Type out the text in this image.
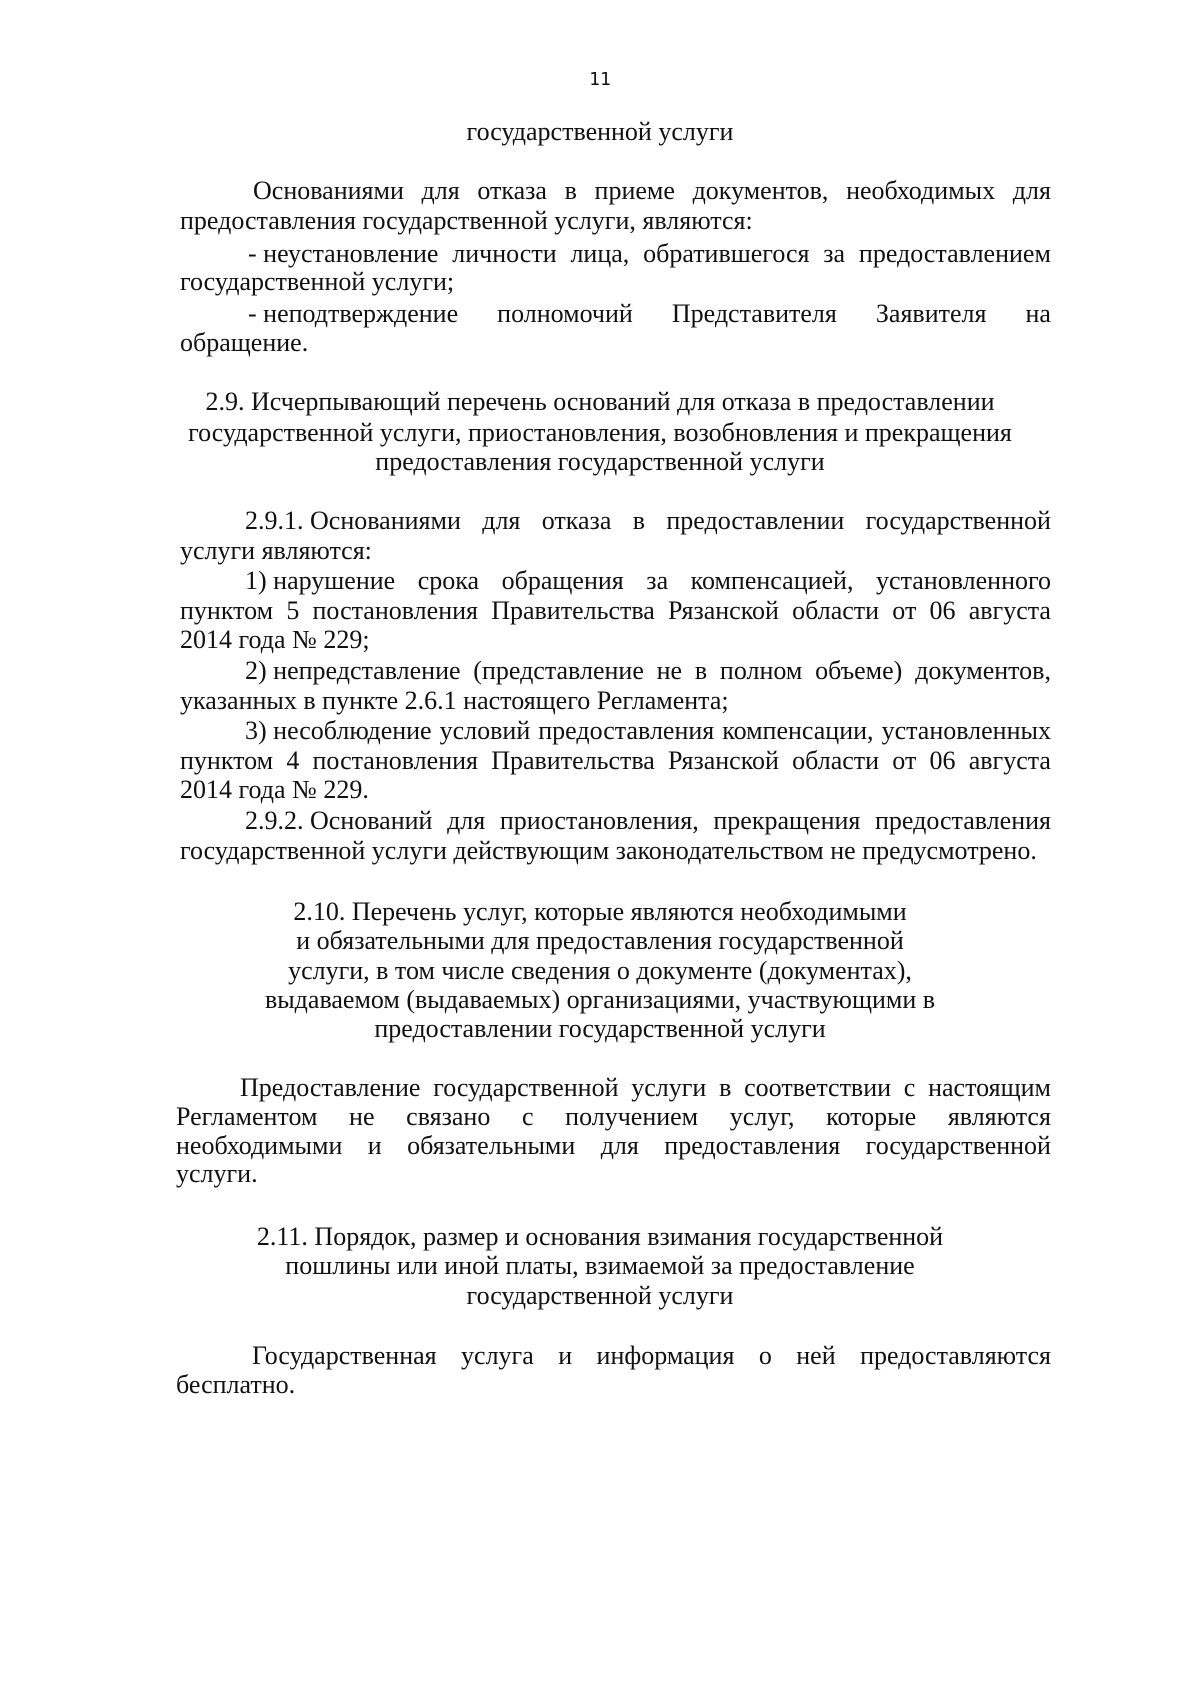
11
государственной услуги
Основаниями для отказа в приеме документов, необходимых для
предоставления государственной услуги, являются:
- неустановление личности лица, обратившегося за предоставлением
государственной услуги;
- неподтверждение полномочий Представителя Заявителя на
обращение.
2.9. Исчерпывающий перечень оснований для отказа в предоставлении
государственной услуги, приостановления, возобновления и прекращения
предоставления государственной услуги
2.9.1. Основаниями для отказа в предоставлении государственной
услуги являются:
1) нарушение срока обращения за компенсацией, установленного
пунктом 5 постановления Правительства Рязанской области от 06 августа
2014 года № 229;
2) непредставление (представление не в полном объеме) документов,
указанных в пункте 2.6.1 настоящего Регламента;
3) несоблюдение условий предоставления компенсации, установленных
пунктом 4 постановления Правительства Рязанской области от 06 августа
2014 года № 229.
2.9.2. Оснований для приостановления, прекращения предоставления
государственной услуги действующим законодательством не предусмотрено.
2.10. Перечень услуг, которые являются необходимыми
и обязательными для предоставления государственной
услуги, в том числе сведения о документе (документах),
выдаваемом (выдаваемых) организациями, участвующими в
предоставлении государственной услуги
Предоставление государственной услуги в соответствии с настоящим
Регламентом не связано с получением услуг, которые являются
необходимыми и обязательными для предоставления государственной
услуги.
2.11. Порядок, размер и основания взимания государственной
пошлины или иной платы, взимаемой за предоставление
государственной услуги
Государственная услуга и информация о ней предоставляются
бесплатно.
